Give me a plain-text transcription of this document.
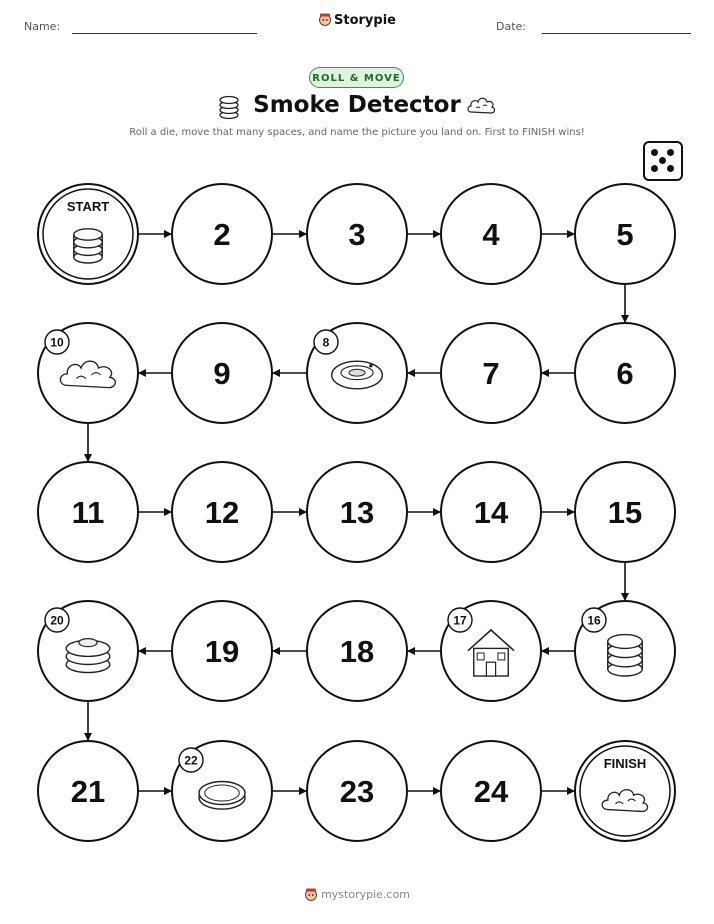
Name:	Storypie	Date:
ROLL & MOVE
Smoke Detector
Roll a die, move that many spaces, and name the picture you land on. First to FINISH wins!
START
2	3	4	5
6
7
8
9
10
11	12	13	14	15
16
17
18
19
20
21
22
23	24
FINISH
mystorypie.com
